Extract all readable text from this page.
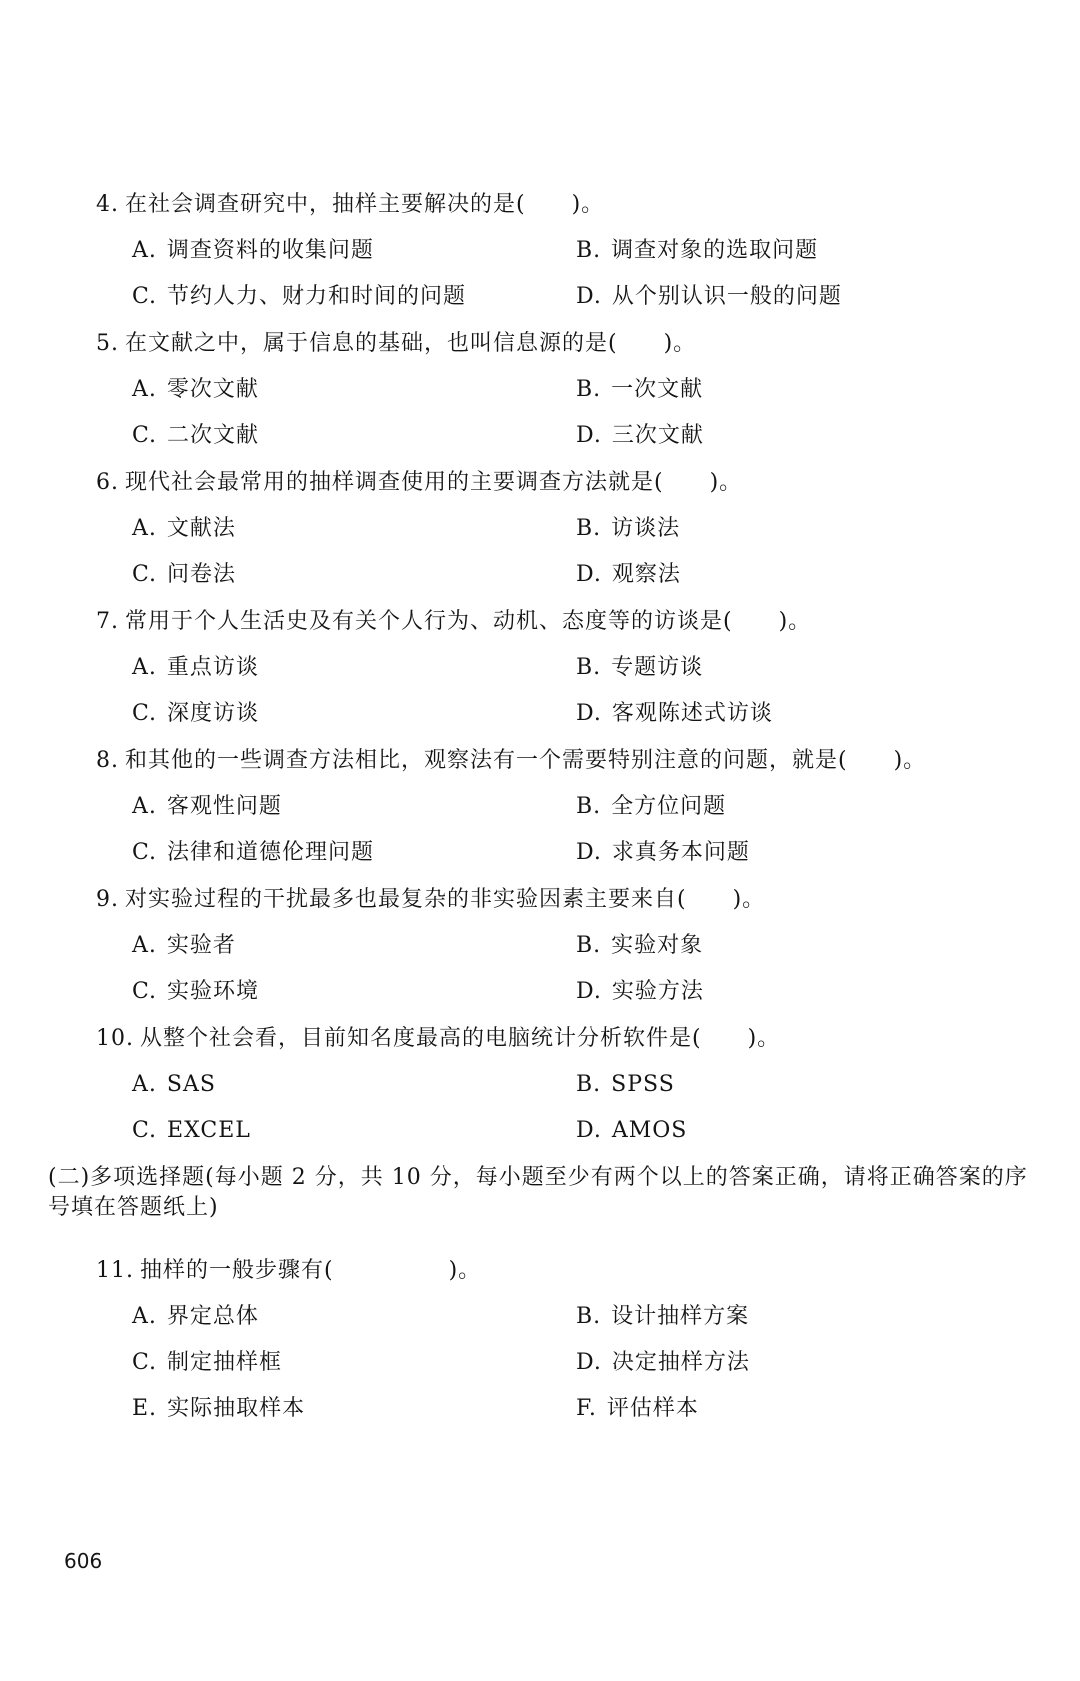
4. 在社会调查研究中，抽样主要解决的是(　　)。
A. 调查资料的收集问题	B. 调查对象的选取问题
C. 节约人力、财力和时间的问题	D. 从个别认识一般的问题
5. 在文献之中，属于信息的基础，也叫信息源的是(　　)。
A. 零次文献	B. 一次文献
C. 二次文献	D. 三次文献
6. 现代社会最常用的抽样调查使用的主要调查方法就是(　　)。
A. 文献法	B. 访谈法
C. 问卷法	D. 观察法
7. 常用于个人生活史及有关个人行为、动机、态度等的访谈是(　　)。
A. 重点访谈	B. 专题访谈
C. 深度访谈	D. 客观陈述式访谈
8. 和其他的一些调查方法相比，观察法有一个需要特别注意的问题，就是(　　)。
A. 客观性问题	B. 全方位问题
C. 法律和道德伦理问题	D. 求真务本问题
9. 对实验过程的干扰最多也最复杂的非实验因素主要来自(　　)。
A. 实验者	B. 实验对象
C. 实验环境	D. 实验方法
10. 从整个社会看，目前知名度最高的电脑统计分析软件是(　　)。
A. SAS	B. SPSS
C. EXCEL	D. AMOS
(二)多项选择题(每小题 2 分，共 10 分，每小题至少有两个以上的答案正确，请将正确答案的序号填在答题纸上)
11. 抽样的一般步骤有(　　　　　)。
A. 界定总体	B. 设计抽样方案
C. 制定抽样框	D. 决定抽样方法
E. 实际抽取样本	F. 评估样本
606
